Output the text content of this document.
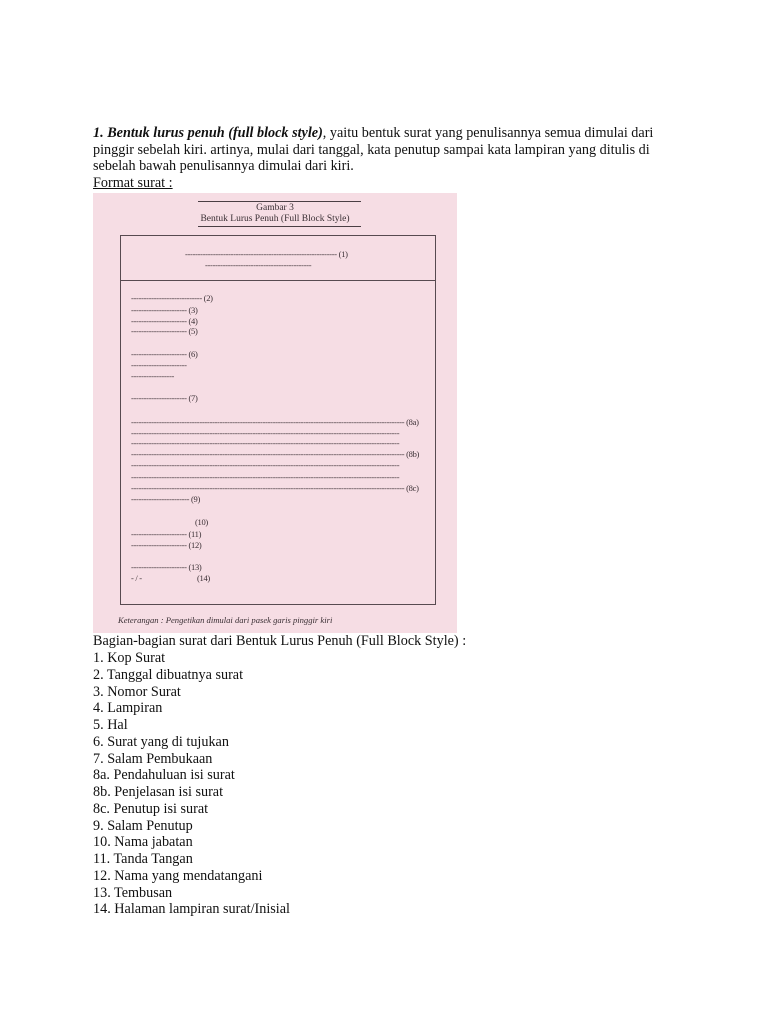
1. Bentuk lurus penuh (full block style), yaitu bentuk surat yang penulisannya semua dimulai dari pinggir sebelah kiri. artinya, mulai dari tanggal, kata penutup sampai kata lampiran yang ditulis di sebelah bawah penulisannya dimulai dari kiri.

Format surat :
Gambar 3
Bentuk Lurus Penuh (Full Block Style)
------------------------------------------------------------ (1)
------------------------------------------
---------------------------- (2)
---------------------- (3)
---------------------- (4)
---------------------- (5)
---------------------- (6)
----------------------
-----------------
---------------------- (7)
------------------------------------------------------------------------------------------------------------ (8a)
----------------------------------------------------------------------------------------------------------
----------------------------------------------------------------------------------------------------------
------------------------------------------------------------------------------------------------------------ (8b)
----------------------------------------------------------------------------------------------------------
----------------------------------------------------------------------------------------------------------
------------------------------------------------------------------------------------------------------------ (8c)
----------------------- (9)
(10)
---------------------- (11)
---------------------- (12)
---------------------- (13)
- / -	(14)
Keterangan : Pengetikan dimulai dari pasek garis pinggir kiri

Bagian-bagian surat dari Bentuk Lurus Penuh (Full Block Style) :

1. Kop Surat
2. Tanggal dibuatnya surat
3. Nomor Surat
4. Lampiran
5. Hal
6. Surat yang di tujukan
7. Salam Pembukaan
8a. Pendahuluan isi surat
8b. Penjelasan isi surat
8c. Penutup isi surat
9. Salam Penutup
10. Nama jabatan
11. Tanda Tangan
12. Nama yang mendatangani
13. Tembusan
14. Halaman lampiran surat/Inisial
